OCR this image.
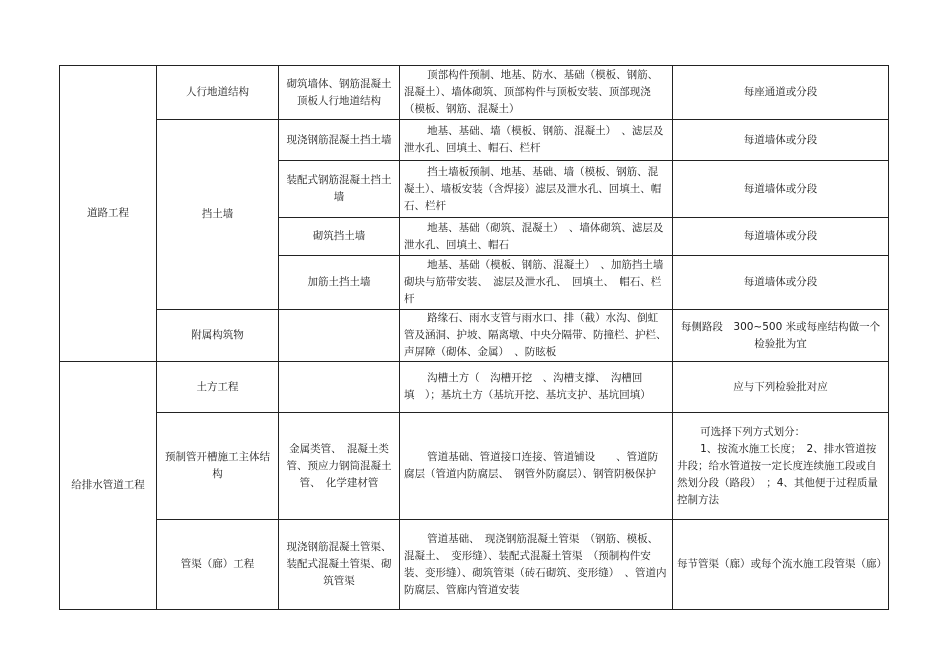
道路工程	人行地道结构	砌筑墙体、钢筋混凝土顶板人行地道结构	顶部构件预制、地基、防水、基础（模板、钢筋、混凝土）、墙体砌筑、顶部构件与顶板安装、顶部现浇（模板、钢筋、混凝土）	每座通道或分段
	挡土墙	现浇钢筋混凝土挡土墙	地基、基础、墙（模板、钢筋、混凝土）　、滤层及泄水孔、回填土、帽石、栏杆	每道墙体或分段
		装配式钢筋混凝土挡土墙	挡土墙板预制、地基、基础、墙（模板、钢筋、混凝土）、墙板安装（含焊接）滤层及泄水孔、回填土、帽石、栏杆	每道墙体或分段
		砌筑挡土墙	地基、基础（砌筑、混凝土）　、墙体砌筑、滤层及泄水孔、回填土、帽石	每道墙体或分段
		加筋土挡土墙	地基、基础（模板、钢筋、混凝土）　、加筋挡土墙砌块与筋带安装、　滤层及泄水孔、　回填土、　帽石、栏杆	每道墙体或分段
	附属构筑物		路缘石、雨水支管与雨水口、排（截）水沟、倒虹管及涵洞、护坡、隔离墩、中央分隔带、防撞栏、护栏、声屏障（砌体、金属）　、防眩板	每侧路段　300~500 米或每座结构做一个检验批为宜
给排水管道工程	土方工程		沟槽土方（　沟槽开挖　、沟槽支撑、　沟槽回填　）；基坑土方（基坑开挖、基坑支护、基坑回填）	应与下列检验批对应
	预制管开槽施工主体结构	金属类管、　混凝土类管、预应力钢筒混凝土管、　化学建材管	管道基础、管道接口连接、管道铺设　　、管道防腐层（管道内防腐层、　钢管外防腐层）、钢管阴极保护	可选择下列方式划分：
1、按流水施工长度；　2、排水管道按井段；给水管道按一定长度连续施工段或自然划分段（路段）　；4、其他便于过程质量控制方法

	管渠（廊）工程	现浇钢筋混凝土管渠、装配式混凝土管渠、砌筑管渠	管道基础、　现浇钢筋混凝土管渠　（钢筋、模板、混凝土、　变形缝）、装配式混凝土管渠　（预制构件安装、变形缝）、砌筑管渠（砖石砌筑、变形缝）　、管道内防腐层、管廊内管道安装	每节管渠（廊）或每个流水施工段管渠（廊）
